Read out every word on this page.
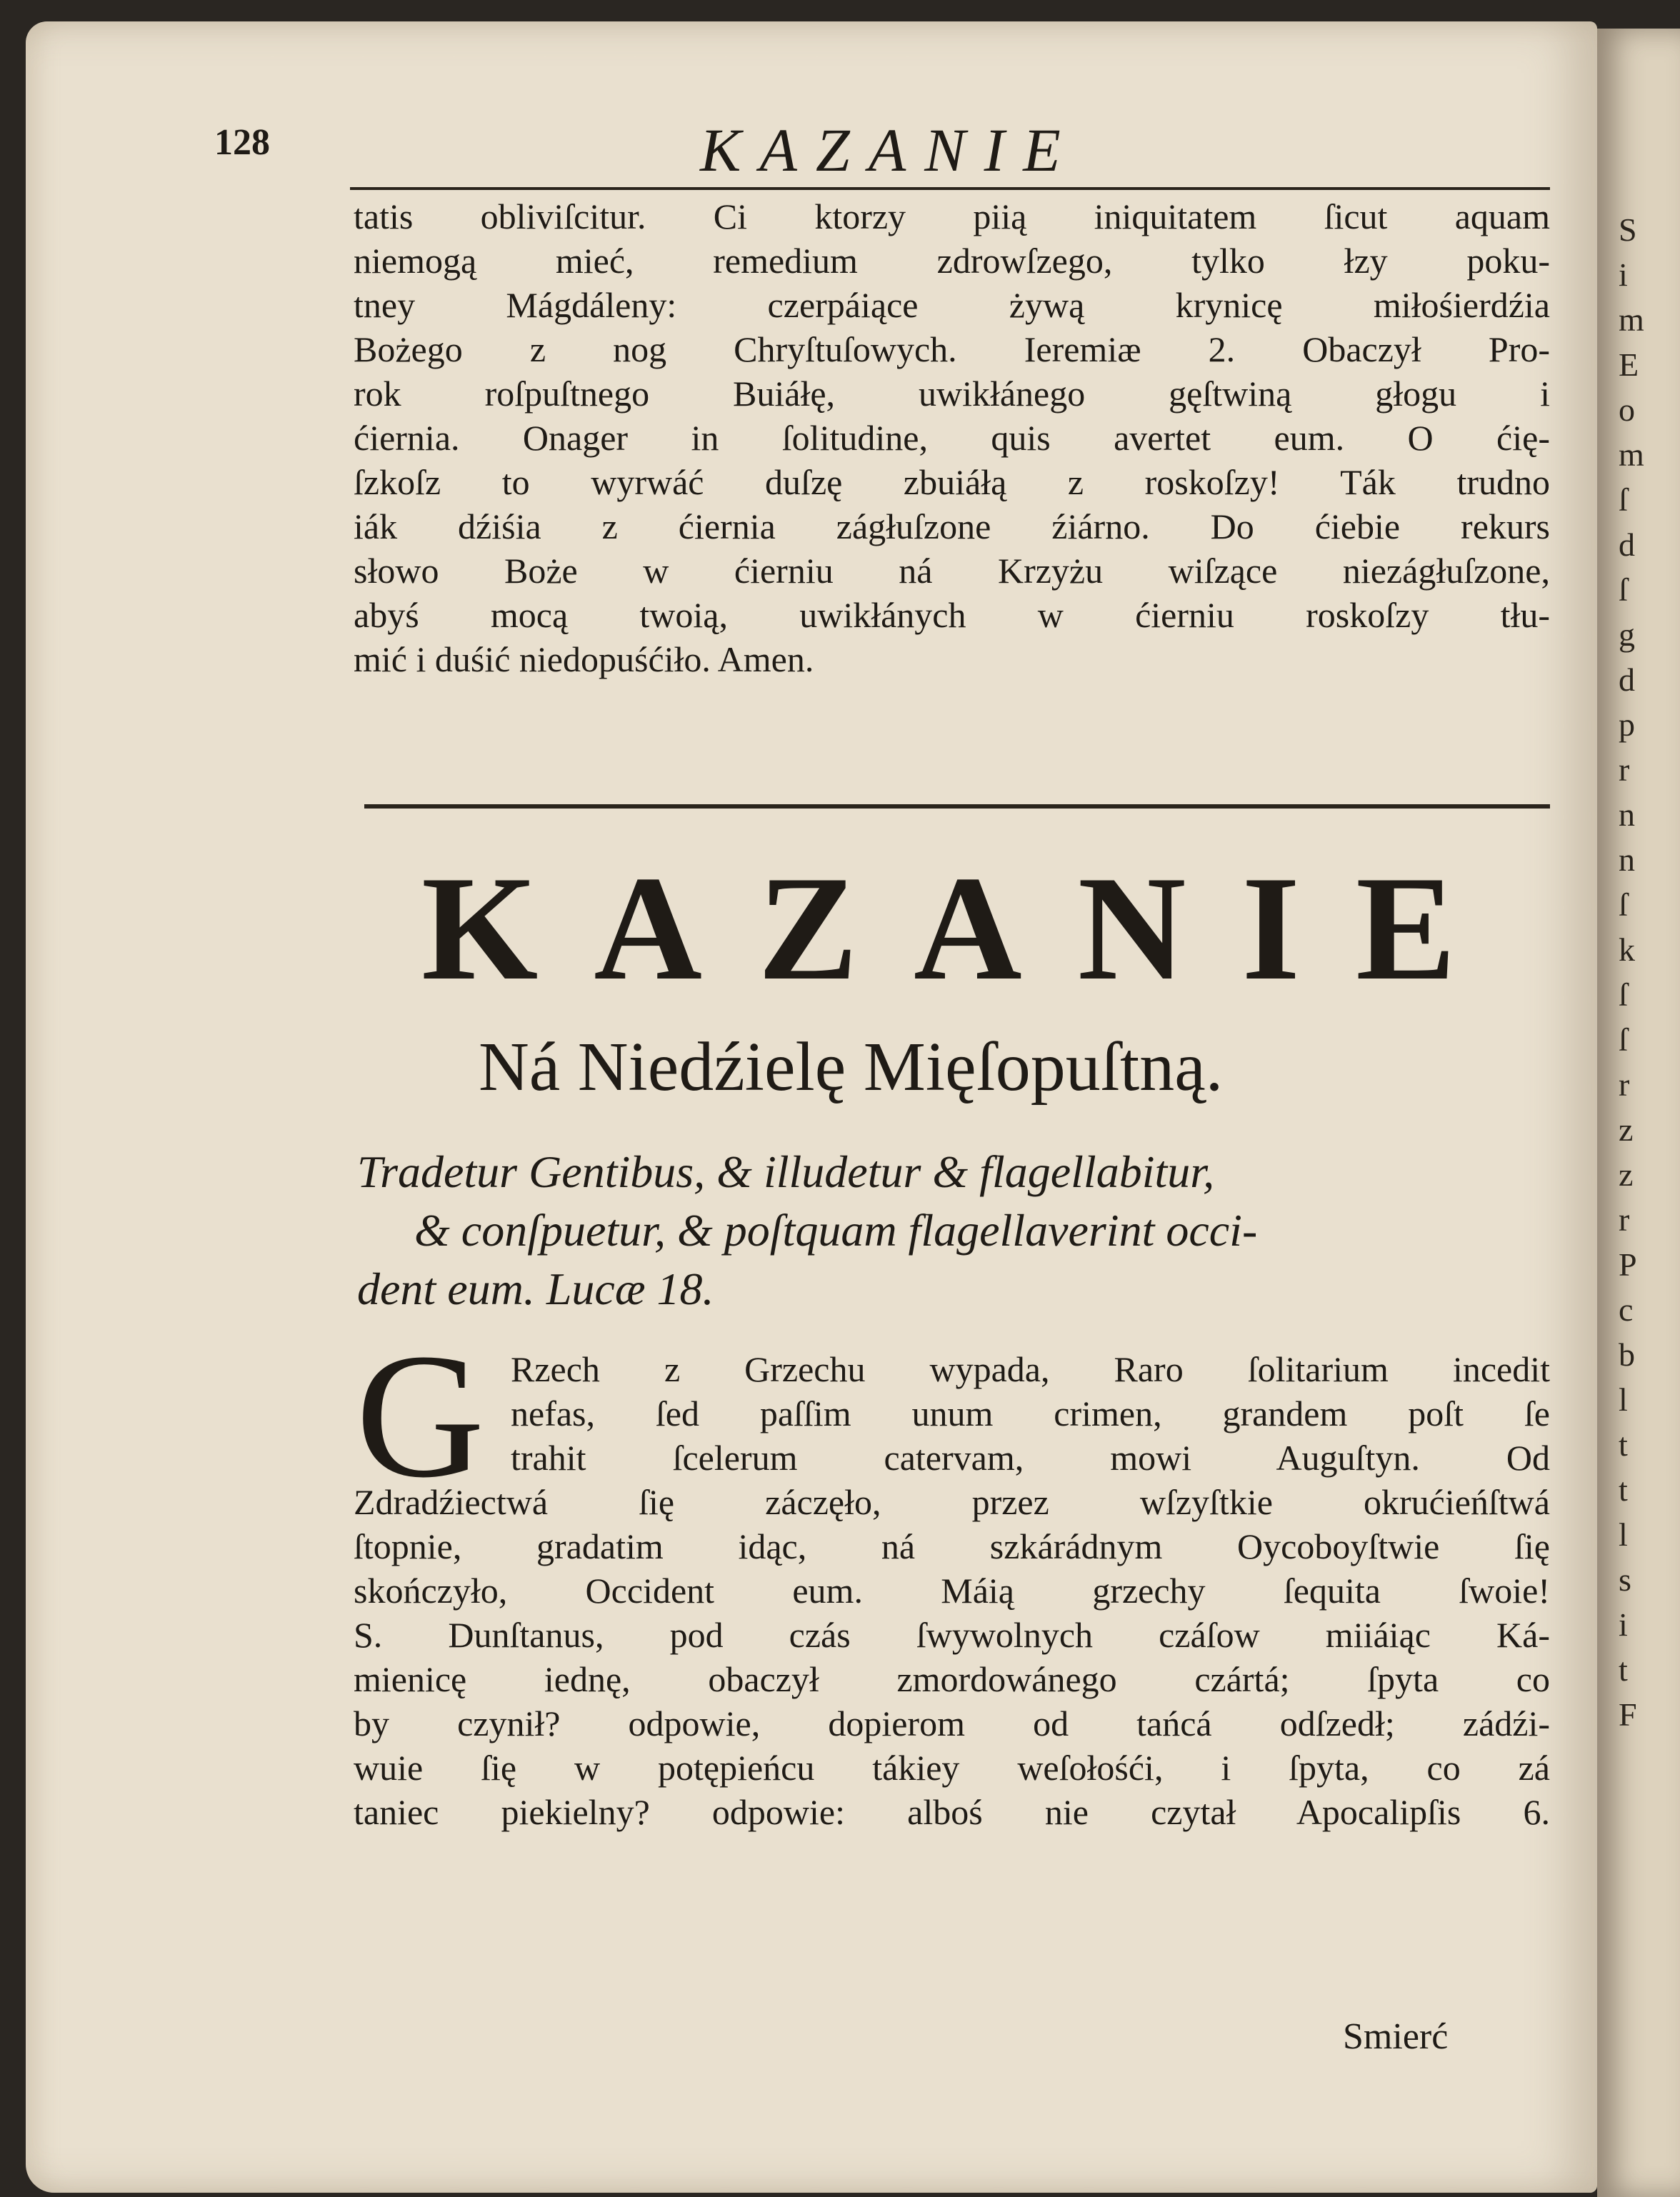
S
i
m
E
o
m
ſ
d
ſ
g
d
p
r
n
n
ſ
k
ſ
ſ
r
z
z
r
P
c
b
l
t
t
l
s
i
t
F
128	KAZANIE
tatis obliviſcitur. Ci ktorzy piią iniquitatem ſicut aquam
niemogą mieć, remedium zdrowſzego, tylko łzy poku-
tney Mágdáleny: czerpáiące żywą krynicę miłośierdźia
Bożego z nog Chryſtuſowych. Ieremiæ 2. Obaczył Pro-
rok roſpuſtnego Buiáłę, uwikłánego gęſtwiną głogu i
ćiernia. Onager in ſolitudine, quis avertet eum. O ćię-
ſzkoſz to wyrwáć duſzę zbuiáłą z roskoſzy! Ták trudno
iák dźiśia z ćiernia zágłuſzone źiárno. Do ćiebie rekurs
słowo Boże w ćierniu ná Krzyżu wiſzące niezágłuſzone,
abyś mocą twoią, uwikłánych w ćierniu roskoſzy tłu-
mić i duśić niedopuśćiło. Amen.
KAZANIE
Ná Niedźielę Mięſopuſtną.
Tradetur Gentibus, & illudetur & flagellabitur,
& conſpuetur, & poſtquam flagellaverint occi-
dent eum. Lucæ 18.
G Rzech z Grzechu wypada, Raro ſolitarium incedit
nefas, ſed paſſim unum crimen, grandem poſt ſe
trahit ſcelerum catervam, mowi Auguſtyn. Od
Zdradźiectwá ſię záczęło, przez wſzyſtkie okrućieńſtwá
ſtopnie, gradatim idąc, ná szkárádnym Oycoboyſtwie ſię
skończyło, Occident eum. Máią grzechy ſequita ſwoie!
S. Dunſtanus, pod czás ſwywolnych czáſow miiáiąc Ká-
mienicę iednę, obaczył zmordowánego czártá; ſpyta co
by czynił? odpowie, dopierom od tańcá odſzedł; zádźi-
wuie ſię w potępieńcu tákiey weſołośći, i ſpyta, co zá
taniec piekielny? odpowie: alboś nie czytał Apocalipſis 6.
Smierć
